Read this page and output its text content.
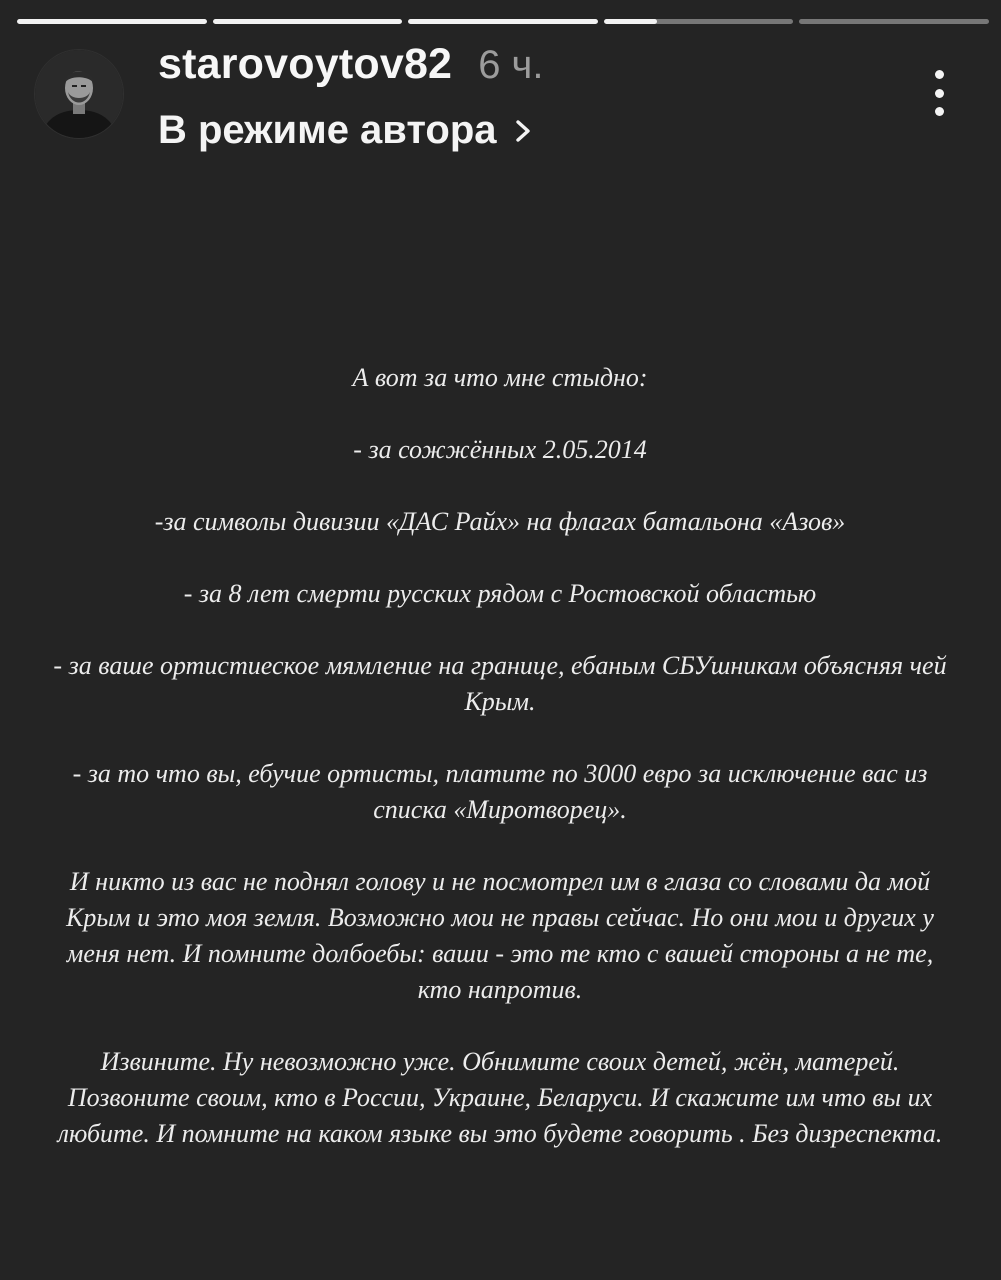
starovoytov82 6 ч.
В режиме автора

А вот за что мне стыдно:

- за сожжённых 2.05.2014

-за символы дивизии «ДАС Райх» на флагах батальона «Азов»

- за 8 лет смерти русских рядом с Ростовской областью

- за ваше ортистиеское мямление на границе, ебаным СБУшникам объясняя чей Крым.

- за то что вы, ебучие ортисты, платите по 3000 евро за исключение вас из списка «Миротворец».

И никто из вас не поднял голову и не посмотрел им в глаза со словами да мой Крым и это моя земля. Возможно мои не правы сейчас. Но они мои и других у меня нет. И помните долбоебы: ваши - это те кто с вашей стороны а не те, кто напротив.

Извините. Ну невозможно уже. Обнимите своих детей, жён, матерей. Позвоните своим, кто в России, Украине, Беларуси. И скажите им что вы их любите. И помните на каком языке вы это будете говорить . Без дизреспекта.
